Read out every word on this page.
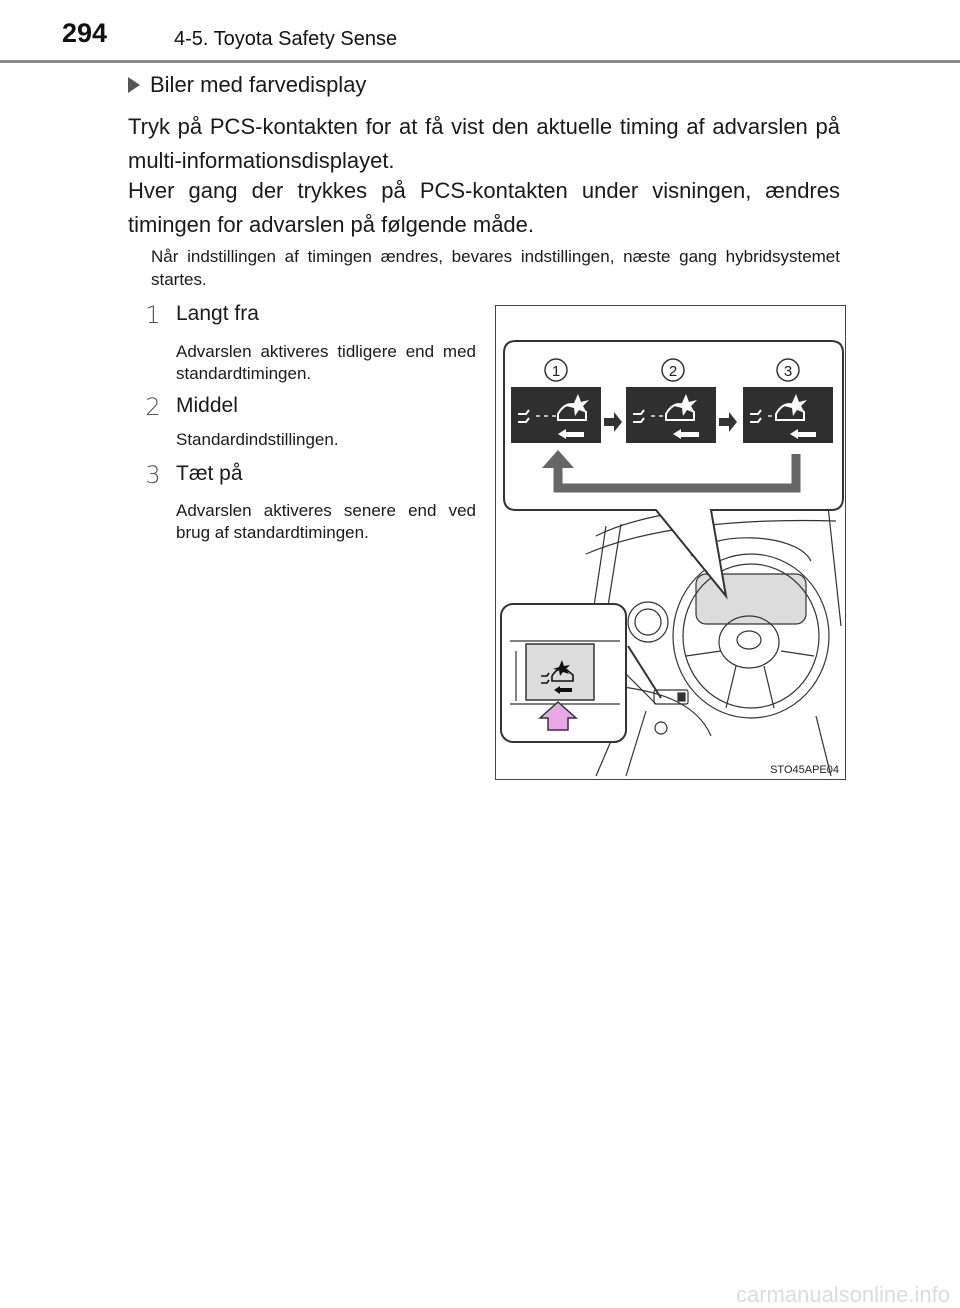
294	4-5. Toyota Safety Sense
Biler med farvedisplay
Tryk på PCS-kontakten for at få vist den aktuelle timing af advarslen på multi-informationsdisplayet.
Hver gang der trykkes på PCS-kontakten under visningen, ændres timingen for advarslen på følgende måde.
Når indstillingen af timingen ændres, bevares indstillingen, næste gang hybridsystemet startes.
1 Langt fra
Advarslen aktiveres tidligere end med standardtimingen.
2 Middel
Standardindstillingen.
3 Tæt på
Advarslen aktiveres senere end ved brug af standardtimingen.
1	2	3
STO45APE04
carmanualsonline.info
